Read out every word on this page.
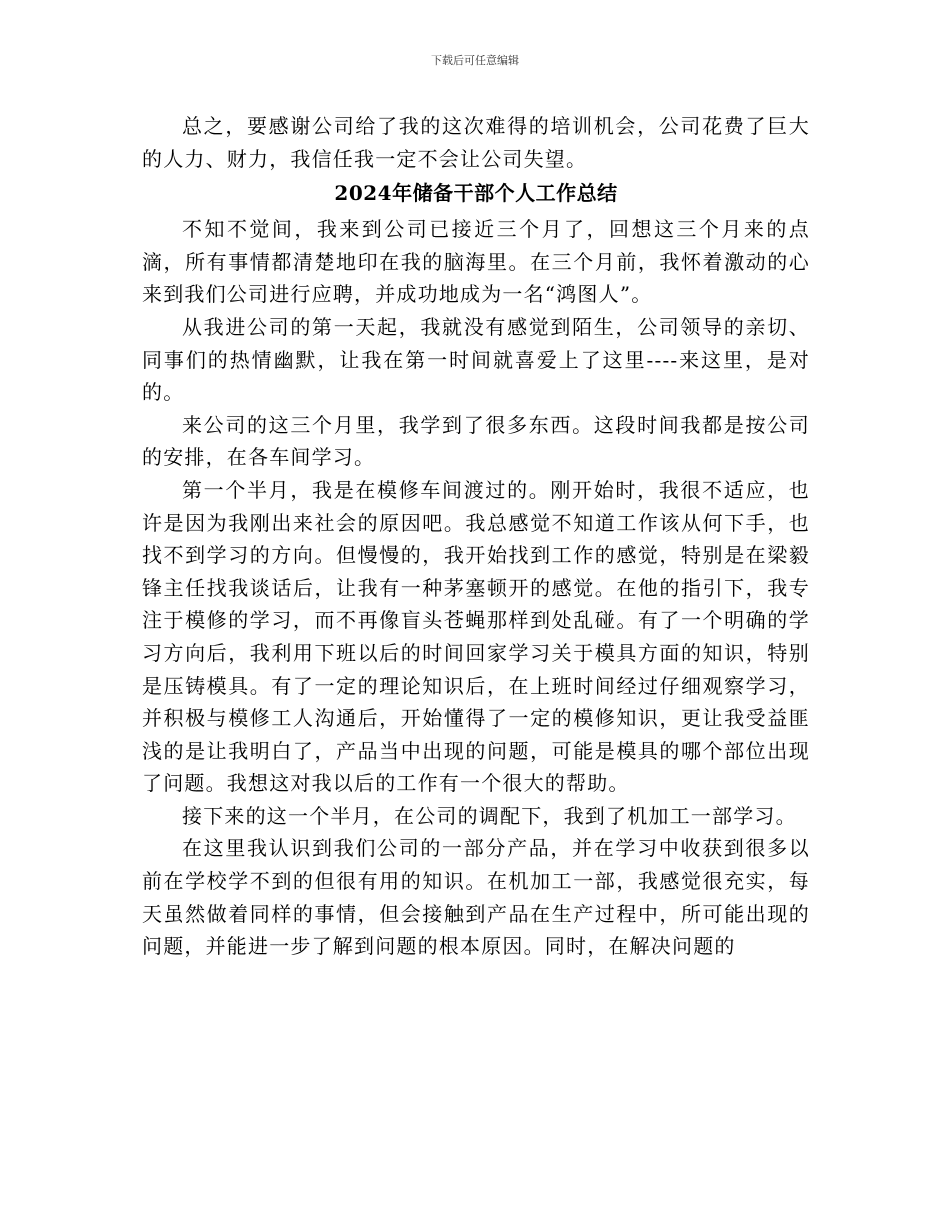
下载后可任意编辑

总之，要感谢公司给了我的这次难得的培训机会，公司花费了巨大的人力、财力，我信任我一定不会让公司失望。

2024年储备干部个人工作总结

不知不觉间，我来到公司已接近三个月了，回想这三个月来的点滴，所有事情都清楚地印在我的脑海里。在三个月前，我怀着激动的心来到我们公司进行应聘，并成功地成为一名“鸿图人”。

从我进公司的第一天起，我就没有感觉到陌生，公司领导的亲切、同事们的热情幽默，让我在第一时间就喜爱上了这里----来这里，是对的。

来公司的这三个月里，我学到了很多东西。这段时间我都是按公司的安排，在各车间学习。

第一个半月，我是在模修车间渡过的。刚开始时，我很不适应，也许是因为我刚出来社会的原因吧。我总感觉不知道工作该从何下手，也找不到学习的方向。但慢慢的，我开始找到工作的感觉，特别是在梁毅锋主任找我谈话后，让我有一种茅塞顿开的感觉。在他的指引下，我专注于模修的学习，而不再像盲头苍蝇那样到处乱碰。有了一个明确的学习方向后，我利用下班以后的时间回家学习关于模具方面的知识，特别是压铸模具。有了一定的理论知识后，在上班时间经过仔细观察学习，并积极与模修工人沟通后，开始懂得了一定的模修知识，更让我受益匪浅的是让我明白了，产品当中出现的问题，可能是模具的哪个部位出现了问题。我想这对我以后的工作有一个很大的帮助。

接下来的这一个半月，在公司的调配下，我到了机加工一部学习。

在这里我认识到我们公司的一部分产品，并在学习中收获到很多以前在学校学不到的但很有用的知识。在机加工一部，我感觉很充实，每天虽然做着同样的事情，但会接触到产品在生产过程中，所可能出现的问题，并能进一步了解到问题的根本原因。同时，在解决问题的
